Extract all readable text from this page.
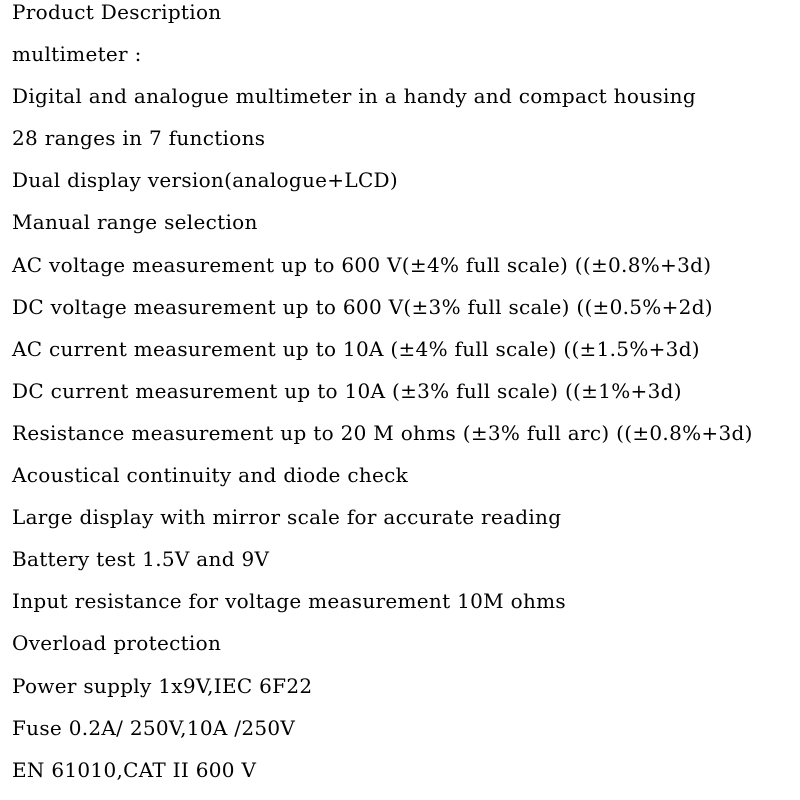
Product Description
multimeter :
Digital and analogue multimeter in a handy and compact housing
28 ranges in 7 functions
Dual display version(analogue+LCD)
Manual range selection
AC voltage measurement up to 600 V(±4% full scale) ((±0.8%+3d)
DC voltage measurement up to 600 V(±3% full scale) ((±0.5%+2d)
AC current measurement up to 10A (±4% full scale) ((±1.5%+3d)
DC current measurement up to 10A (±3% full scale) ((±1%+3d)
Resistance measurement up to 20 M ohms (±3% full arc) ((±0.8%+3d)
Acoustical continuity and diode check
Large display with mirror scale for accurate reading
Battery test 1.5V and 9V
Input resistance for voltage measurement 10M ohms
Overload protection
Power supply 1x9V,IEC 6F22
Fuse 0.2A/ 250V,10A /250V
EN 61010,CAT II 600 V
